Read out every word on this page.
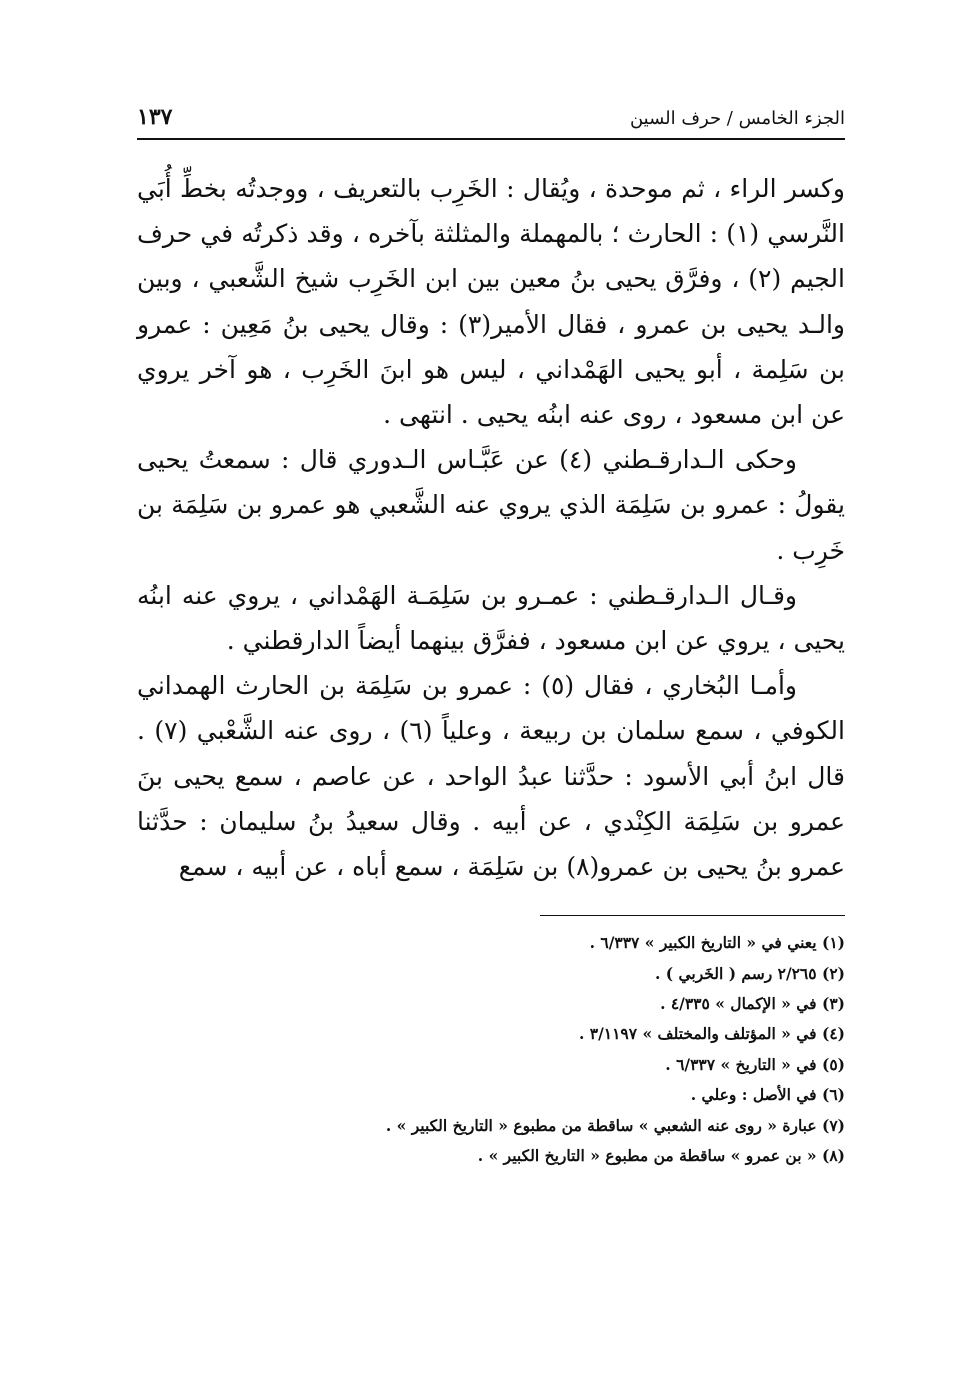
الجزء الخامس / حرف السين
١٣٧

وكسر الراء ، ثم موحدة ، ويُقال : الخَرِب بالتعريف ، ووجدتُه بخطِّ أُبَي النَّرسي (١) : الحارث ؛ بالمهملة والمثلثة بآخره ، وقد ذكرتُه في حرف الجيم (٢) ، وفرَّق يحيى بنُ معين بين ابن الخَرِب شيخ الشَّعبي ، وبين والـد يحيى بن عمرو ، فقال الأمير(٣) : وقال يحيى بنُ مَعِين : عمرو بن سَلِمة ، أبو يحيى الهَمْداني ، ليس هو ابنَ الخَرِب ، هو آخر يروي عن ابن مسعود ، روى عنه ابنُه يحيى . انتهى .

وحكى الـدارقـطني (٤) عن عَبَّـاس الـدوري قال : سمعتُ يحيى يقولُ : عمرو بن سَلِمَة الذي يروي عنه الشَّعبي هو عمرو بن سَلِمَة بن خَرِب .

وقـال الـدارقـطني : عمـرو بن سَلِمَـة الهَمْداني ، يروي عنه ابنُه يحيى ، يروي عن ابن مسعود ، ففرَّق بينهما أيضاً الدارقطني .

وأمـا البُخاري ، فقال (٥) : عمرو بن سَلِمَة بن الحارث الهمداني الكوفي ، سمع سلمان بن ربيعة ، وعلياً (٦) ، روى عنه الشَّعْبي (٧) . قال ابنُ أبي الأسود : حدَّثنا عبدُ الواحد ، عن عاصم ، سمع يحيى بنَ عمرو بن سَلِمَة الكِنْدي ، عن أبيه . وقال سعيدُ بنُ سليمان : حدَّثنا عمرو بنُ يحيى بن عمرو(٨) بن سَلِمَة ، سمع أباه ، عن أبيه ، سمع

(١) يعني في « التاريخ الكبير » ٦/٣٣٧ .

(٢) ٢/٢٦٥ رسم ( الخَربي ) .

(٣) في « الإكمال » ٤/٣٣٥ .

(٤) في « المؤتلف والمختلف » ٣/١١٩٧ .

(٥) في « التاريخ » ٦/٣٣٧ .

(٦) في الأصل : وعلي .

(٧) عبارة « روى عنه الشعبي » ساقطة من مطبوع « التاريخ الكبير » .

(٨) « بن عمرو » ساقطة من مطبوع « التاريخ الكبير » .
